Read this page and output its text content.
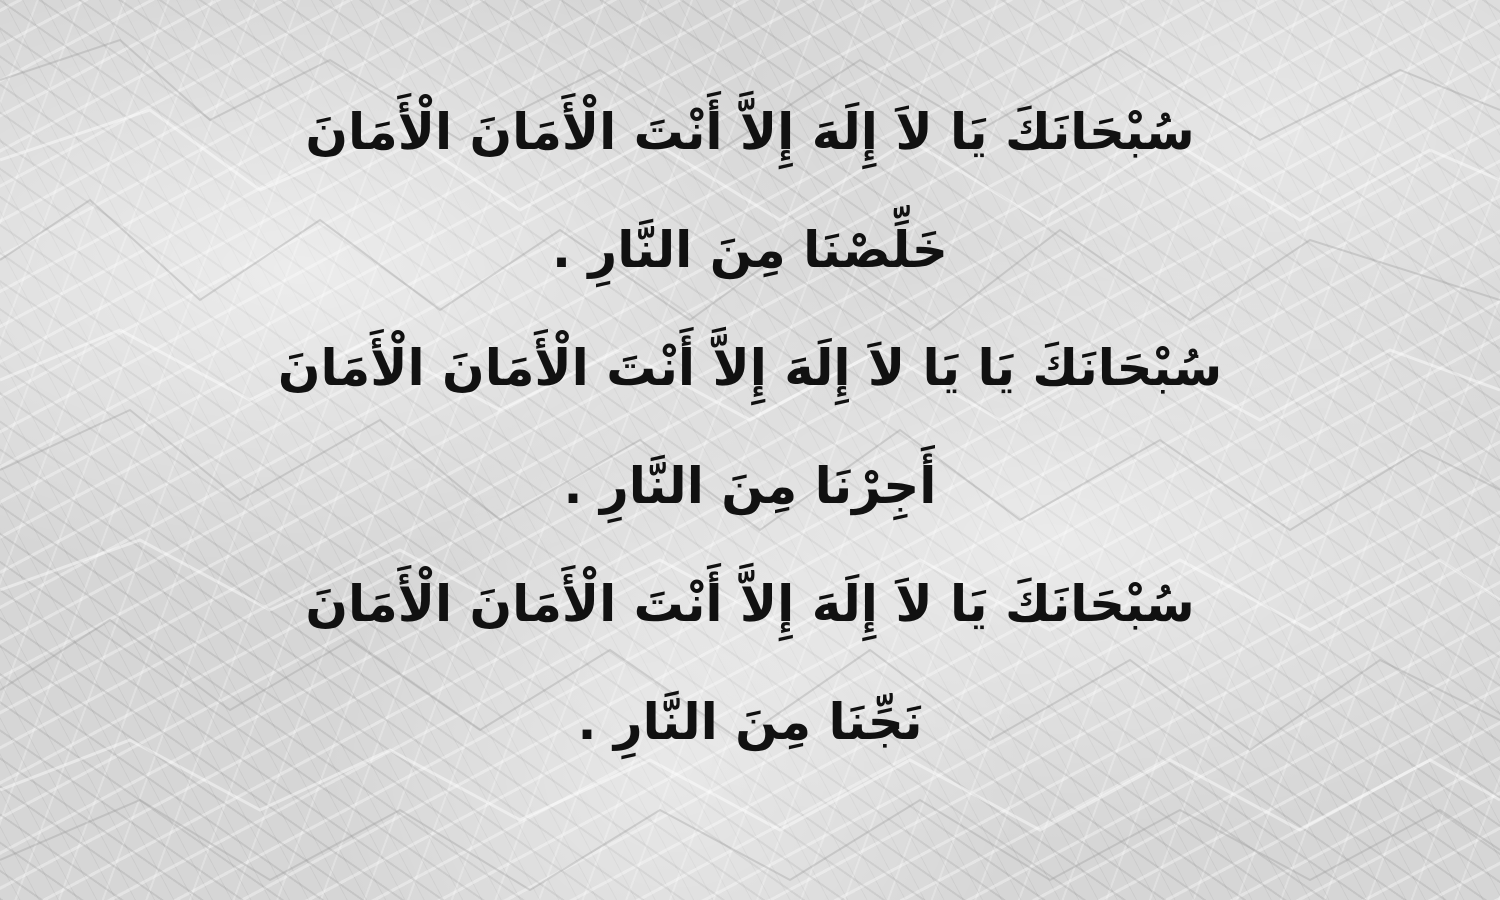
سُبْحَانَكَ يَا لاَ إِلَهَ إِلاَّ أَنْتَ الْأَمَانَ الْأَمَانَ
خَلِّصْنَا مِنَ النَّارِ .
سُبْحَانَكَ يَا يَا لاَ إِلَهَ إِلاَّ أَنْتَ الْأَمَانَ الْأَمَانَ
أَجِرْنَا مِنَ النَّارِ .
سُبْحَانَكَ يَا لاَ إِلَهَ إِلاَّ أَنْتَ الْأَمَانَ الْأَمَانَ
نَجِّنَا مِنَ النَّارِ .
